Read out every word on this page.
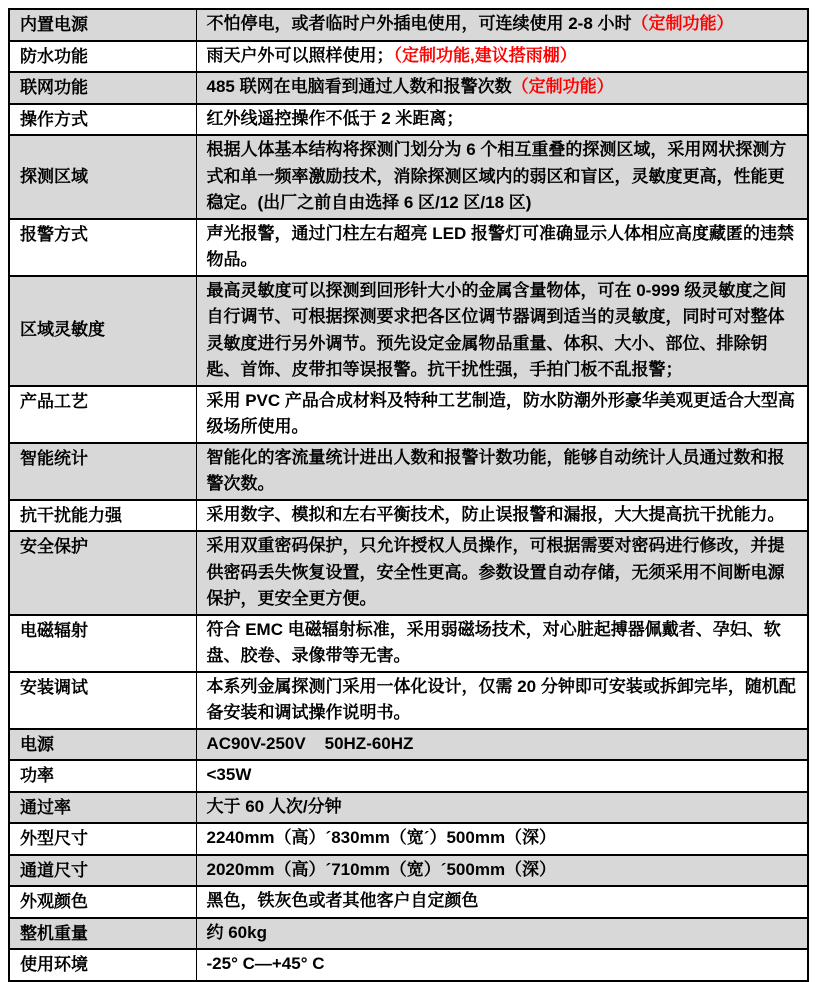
内置电源	不怕停电，或者临时户外插电使用，可连续使用 2-8 小时（定制功能）
防水功能	雨天户外可以照样使用；（定制功能,建议搭雨棚）
联网功能	485 联网在电脑看到通过人数和报警次数（定制功能）
操作方式	红外线遥控操作不低于 2 米距离；
探测区域	根据人体基本结构将探测门划分为 6 个相互重叠的探测区域，采用网状探测方式和单一频率激励技术，消除探测区域内的弱区和盲区，灵敏度更高，性能更稳定。(出厂之前自由选择 6 区/12 区/18 区)
报警方式	声光报警，通过门柱左右超亮 LED 报警灯可准确显示人体相应高度藏匿的违禁物品。
区域灵敏度	最高灵敏度可以探测到回形针大小的金属含量物体，可在 0-999 级灵敏度之间自行调节、可根据探测要求把各区位调节器调到适当的灵敏度，同时可对整体灵敏度进行另外调节。预先设定金属物品重量、体积、大小、部位、排除钥匙、首饰、皮带扣等误报警。抗干扰性强，手拍门板不乱报警；
产品工艺	采用 PVC 产品合成材料及特种工艺制造，防水防潮外形豪华美观更适合大型高级场所使用。
智能统计	智能化的客流量统计进出人数和报警计数功能，能够自动统计人员通过数和报警次数。
抗干扰能力强	采用数字、模拟和左右平衡技术，防止误报警和漏报，大大提高抗干扰能力。
安全保护	采用双重密码保护，只允许授权人员操作，可根据需要对密码进行修改，并提供密码丢失恢复设置，安全性更高。参数设置自动存储，无须采用不间断电源保护，更安全更方便。
电磁辐射	符合 EMC 电磁辐射标准，采用弱磁场技术，对心脏起搏器佩戴者、孕妇、软盘、胶卷、录像带等无害。
安装调试	本系列金属探测门采用一体化设计，仅需 20 分钟即可安装或拆卸完毕，随机配备安装和调试操作说明书。
电源	AC90V-250V    50HZ-60HZ
功率	<35W
通过率	大于 60 人次/分钟
外型尺寸	2240mm（高）´830mm（宽´）500mm（深）
通道尺寸	2020mm（高）´710mm（宽）´500mm（深）
外观颜色	黑色，铁灰色或者其他客户自定颜色
整机重量	约 60kg
使用环境	-25° C—+45° C
